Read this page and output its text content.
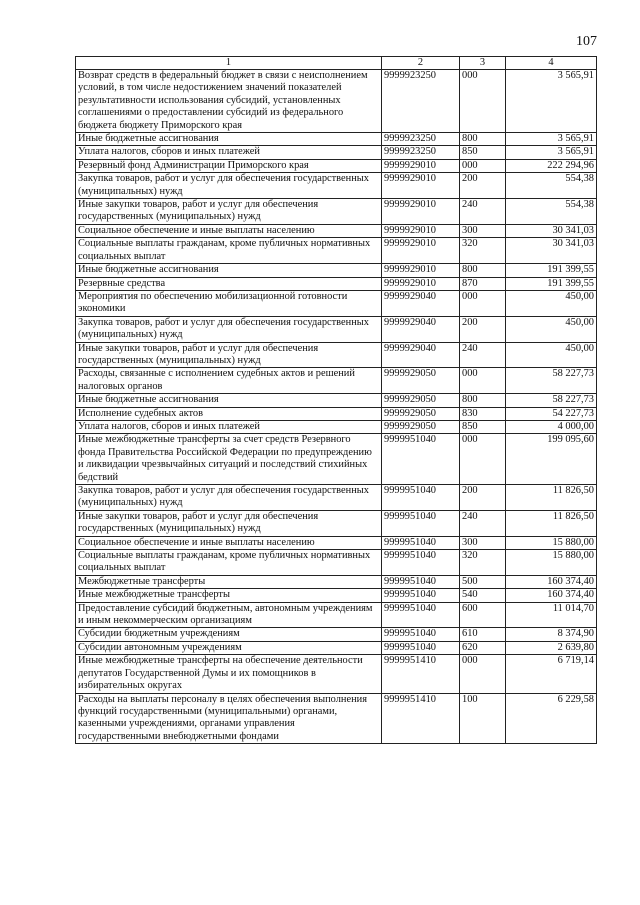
107
1	2	3	4
Возврат средств в федеральный бюджет в связи с неисполнением условий, в том числе недостижением значений показателей результативности использования субсидий, установленных соглашениями о предоставлении субсидий из федерального бюджета бюджету Приморского края	9999923250	000	3 565,91
Иные бюджетные ассигнования	9999923250	800	3 565,91
Уплата налогов, сборов и иных платежей	9999923250	850	3 565,91
Резервный фонд Администрации Приморского края	9999929010	000	222 294,96
Закупка товаров, работ и услуг для обеспечения государственных (муниципальных) нужд	9999929010	200	554,38
Иные закупки товаров, работ и услуг для обеспечения государственных (муниципальных) нужд	9999929010	240	554,38
Социальное обеспечение и иные выплаты населению	9999929010	300	30 341,03
Социальные выплаты гражданам, кроме публичных нормативных социальных выплат	9999929010	320	30 341,03
Иные бюджетные ассигнования	9999929010	800	191 399,55
Резервные средства	9999929010	870	191 399,55
Мероприятия по обеспечению мобилизационной готовности экономики	9999929040	000	450,00
Закупка товаров, работ и услуг для обеспечения государственных (муниципальных) нужд	9999929040	200	450,00
Иные закупки товаров, работ и услуг для обеспечения государственных (муниципальных) нужд	9999929040	240	450,00
Расходы, связанные с исполнением судебных актов и решений налоговых органов	9999929050	000	58 227,73
Иные бюджетные ассигнования	9999929050	800	58 227,73
Исполнение судебных актов	9999929050	830	54 227,73
Уплата налогов, сборов и иных платежей	9999929050	850	4 000,00
Иные межбюджетные трансферты за счет средств Резервного фонда Правительства Российской Федерации по предупреждению и ликвидации чрезвычайных ситуаций и последствий стихийных бедствий	9999951040	000	199 095,60
Закупка товаров, работ и услуг для обеспечения государственных (муниципальных) нужд	9999951040	200	11 826,50
Иные закупки товаров, работ и услуг для обеспечения государственных (муниципальных) нужд	9999951040	240	11 826,50
Социальное обеспечение и иные выплаты населению	9999951040	300	15 880,00
Социальные выплаты гражданам, кроме публичных нормативных социальных выплат	9999951040	320	15 880,00
Межбюджетные трансферты	9999951040	500	160 374,40
Иные межбюджетные трансферты	9999951040	540	160 374,40
Предоставление субсидий бюджетным, автономным учреждениям и иным некоммерческим организациям	9999951040	600	11 014,70
Субсидии бюджетным учреждениям	9999951040	610	8 374,90
Субсидии автономным учреждениям	9999951040	620	2 639,80
Иные межбюджетные трансферты на обеспечение деятельности депутатов Государственной Думы и их помощников в избирательных округах	9999951410	000	6 719,14
Расходы на выплаты персоналу в целях обеспечения выполнения функций государственными (муниципальными) органами, казенными учреждениями, органами управления государственными внебюджетными фондами	9999951410	100	6 229,58
